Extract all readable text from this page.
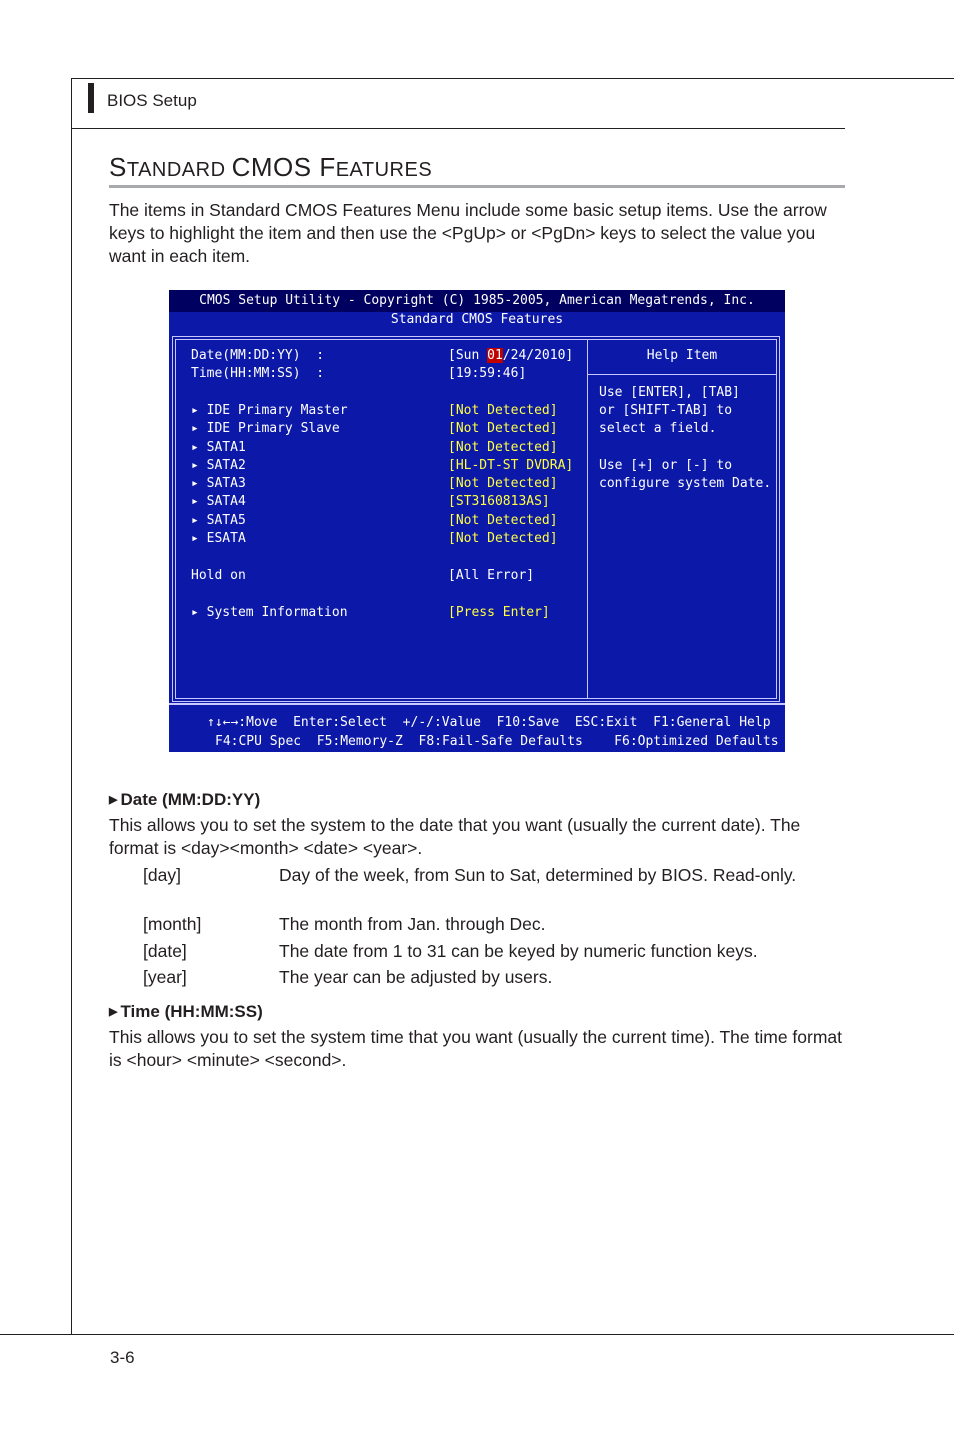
BIOS Setup
STANDARD CMOS FEATURES
The items in Standard CMOS Features Menu include some basic setup items. Use the arrow keys to highlight the item and then use the <PgUp> or <PgDn> keys to select the value you want in each item.
CMOS Setup Utility - Copyright (C) 1985-2005, American Megatrends, Inc.
Standard CMOS Features
Date(MM:DD:YY)  :	[Sun 01/24/2010]
Time(HH:MM:SS)  :	[19:59:46]
▸ IDE Primary Master	[Not Detected]
▸ IDE Primary Slave	[Not Detected]
▸ SATA1	[Not Detected]
▸ SATA2	[HL-DT-ST DVDRA]
▸ SATA3	[Not Detected]
▸ SATA4	[ST3160813AS]
▸ SATA5	[Not Detected]
▸ ESATA	[Not Detected]
Hold on	[All Error]
▸ System Information	[Press Enter]
Help Item
Use [ENTER], [TAB]
or [SHIFT-TAB] to
select a field.
Use [+] or [-] to
configure system Date.
↑↓←→:Move  Enter:Select  +/-/:Value  F10:Save  ESC:Exit  F1:General Help
F4:CPU Spec  F5:Memory-Z  F8:Fail-Safe Defaults    F6:Optimized Defaults
▶ Date (MM:DD:YY)
This allows you to set the system to the date that you want (usually the current date). The format is <day><month> <date> <year>.
[day]	Day of the week, from Sun to Sat, determined by BIOS. Read-only.
[month]	The month from Jan. through Dec.
[date]	The date from 1 to 31 can be keyed by numeric function keys.
[year]	The year can be adjusted by users.
▶ Time (HH:MM:SS)
This allows you to set the system time that you want (usually the current time). The time format is <hour> <minute> <second>.
3-6
